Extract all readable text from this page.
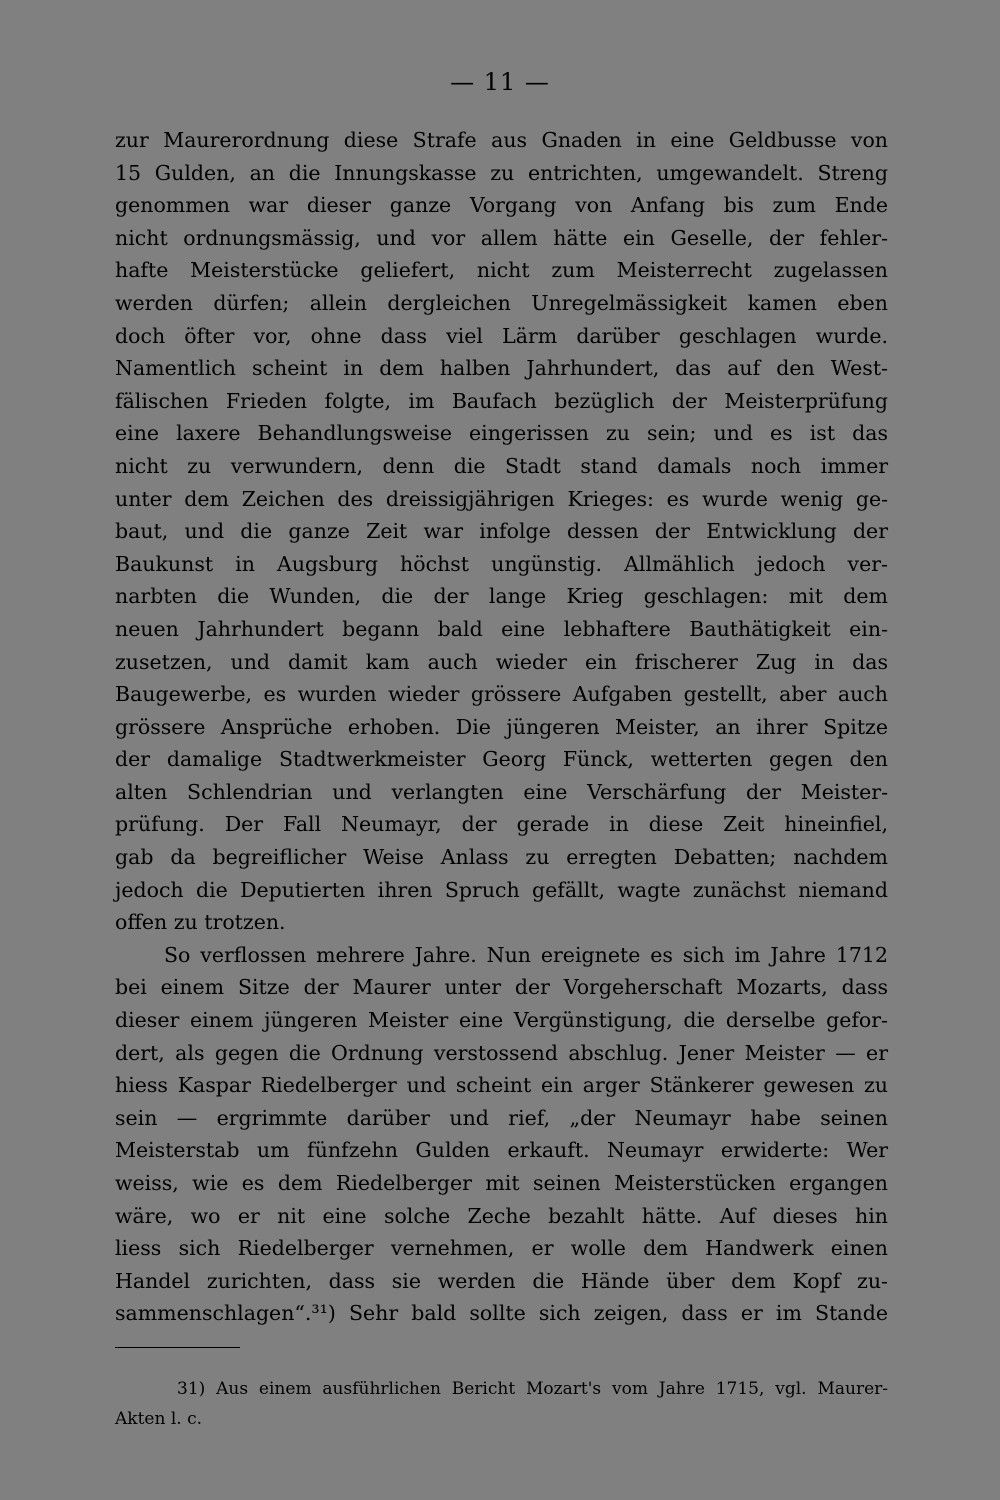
— 11 —
zur Maurerordnung diese Strafe aus Gnaden in eine Geldbusse von
15 Gulden, an die Innungskasse zu entrichten, umgewandelt. Streng
genommen war dieser ganze Vorgang von Anfang bis zum Ende
nicht ordnungsmässig, und vor allem hätte ein Geselle, der fehler-
hafte Meisterstücke geliefert, nicht zum Meisterrecht zugelassen
werden dürfen; allein dergleichen Unregelmässigkeit kamen eben
doch öfter vor, ohne dass viel Lärm darüber geschlagen wurde.
Namentlich scheint in dem halben Jahrhundert, das auf den West-
fälischen Frieden folgte, im Baufach bezüglich der Meisterprüfung
eine laxere Behandlungsweise eingerissen zu sein; und es ist das
nicht zu verwundern, denn die Stadt stand damals noch immer
unter dem Zeichen des dreissigjährigen Krieges: es wurde wenig ge-
baut, und die ganze Zeit war infolge dessen der Entwicklung der
Baukunst in Augsburg höchst ungünstig. Allmählich jedoch ver-
narbten die Wunden, die der lange Krieg geschlagen: mit dem
neuen Jahrhundert begann bald eine lebhaftere Bauthätigkeit ein-
zusetzen, und damit kam auch wieder ein frischerer Zug in das
Baugewerbe, es wurden wieder grössere Aufgaben gestellt, aber auch
grössere Ansprüche erhoben. Die jüngeren Meister, an ihrer Spitze
der damalige Stadtwerkmeister Georg Fünck, wetterten gegen den
alten Schlendrian und verlangten eine Verschärfung der Meister-
prüfung. Der Fall Neumayr, der gerade in diese Zeit hineinfiel,
gab da begreiflicher Weise Anlass zu erregten Debatten; nachdem
jedoch die Deputierten ihren Spruch gefällt, wagte zunächst niemand
offen zu trotzen.
So verflossen mehrere Jahre. Nun ereignete es sich im Jahre 1712
bei einem Sitze der Maurer unter der Vorgeherschaft Mozarts, dass
dieser einem jüngeren Meister eine Vergünstigung, die derselbe gefor-
dert, als gegen die Ordnung verstossend abschlug. Jener Meister — er
hiess Kaspar Riedelberger und scheint ein arger Stänkerer gewesen zu
sein — ergrimmte darüber und rief, „der Neumayr habe seinen
Meisterstab um fünfzehn Gulden erkauft. Neumayr erwiderte: Wer
weiss, wie es dem Riedelberger mit seinen Meisterstücken ergangen
wäre, wo er nit eine solche Zeche bezahlt hätte. Auf dieses hin
liess sich Riedelberger vernehmen, er wolle dem Handwerk einen
Handel zurichten, dass sie werden die Hände über dem Kopf zu-
sammenschlagen“.³¹) Sehr bald sollte sich zeigen, dass er im Stande
31) Aus einem ausführlichen Bericht Mozart's vom Jahre 1715, vgl. Maurer-
Akten l. c.
